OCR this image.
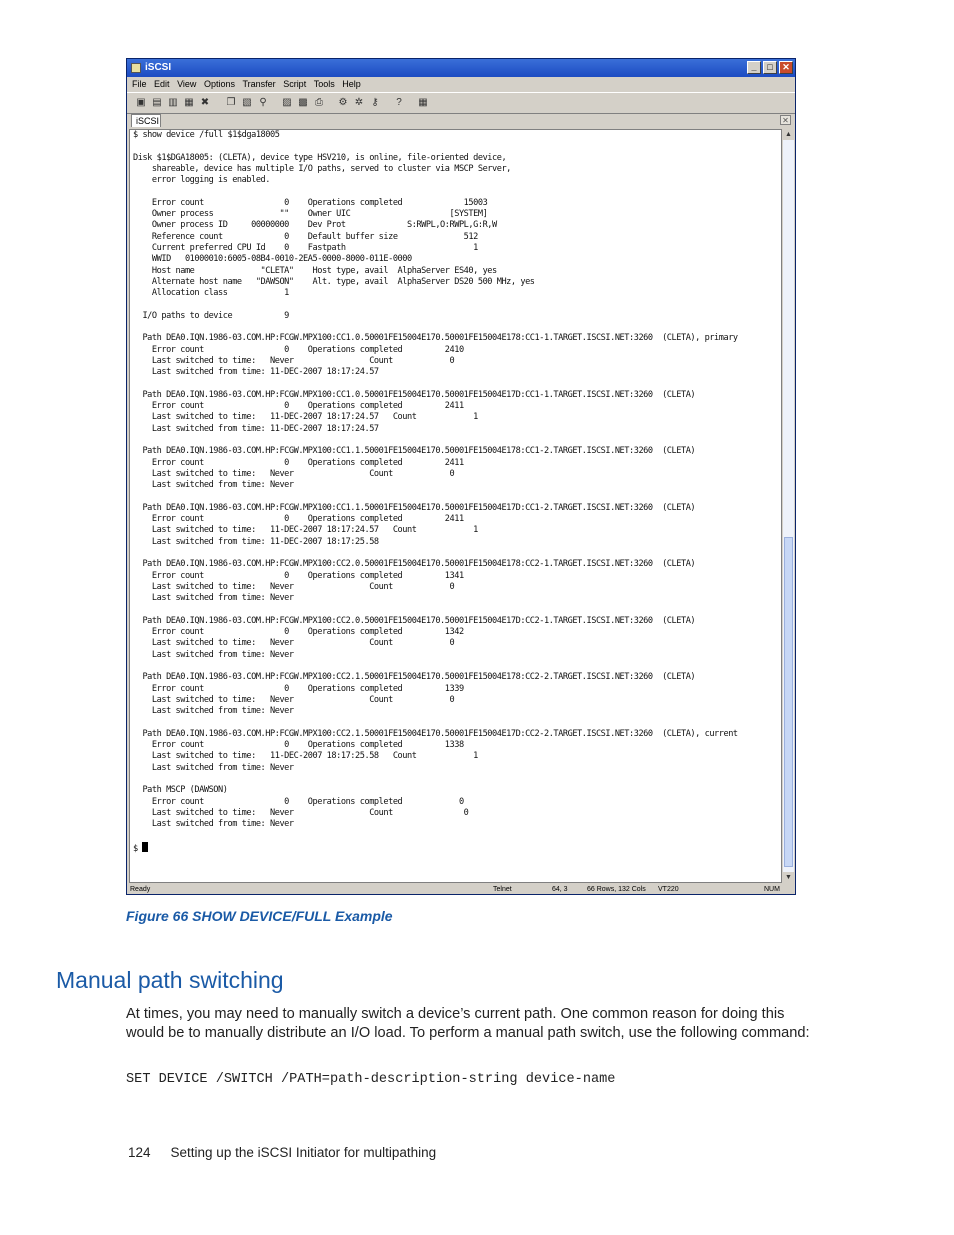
iSCSI	_	□	✕
File Edit View Options Transfer Script Tools Help
▣ ▤ ▥ ▦ ✖ ❐ ▧ ⚲ ▨ ▩ ⎙ ⚙ ✲ ⚷	?	▦
iSCSI	✕
$ show device /full $1$dga18005

Disk $1$DGA18005: (CLETA), device type HSV210, is online, file-oriented device,
shareable, device has multiple I/O paths, served to cluster via MSCP Server,
error logging is enabled.

Error count                 0    Operations completed             15003
Owner process              ""    Owner UIC                     [SYSTEM]
Owner process ID     00000000    Dev Prot             S:RWPL,O:RWPL,G:R,W
Reference count             0    Default buffer size              512
Current preferred CPU Id    0    Fastpath                           1
WWID   01000010:6005-08B4-0010-2EA5-0000-8000-011E-0000
Host name              "CLETA"    Host type, avail  AlphaServer ES40, yes
Alternate host name   "DAWSON"    Alt. type, avail  AlphaServer DS20 500 MHz, yes
Allocation class            1

I/O paths to device           9

Path DEA0.IQN.1986-03.COM.HP:FCGW.MPX100:CC1.0.50001FE15004E170.50001FE15004E178:CC1-1.TARGET.ISCSI.NET:3260  (CLETA), primary
Error count                 0    Operations completed         2410
Last switched to time:   Never                Count            0
Last switched from time: 11-DEC-2007 18:17:24.57

Path DEA0.IQN.1986-03.COM.HP:FCGW.MPX100:CC1.0.50001FE15004E170.50001FE15004E17D:CC1-1.TARGET.ISCSI.NET:3260  (CLETA)
Error count                 0    Operations completed         2411
Last switched to time:   11-DEC-2007 18:17:24.57   Count            1
Last switched from time: 11-DEC-2007 18:17:24.57

Path DEA0.IQN.1986-03.COM.HP:FCGW.MPX100:CC1.1.50001FE15004E170.50001FE15004E178:CC1-2.TARGET.ISCSI.NET:3260  (CLETA)
Error count                 0    Operations completed         2411
Last switched to time:   Never                Count            0
Last switched from time: Never

Path DEA0.IQN.1986-03.COM.HP:FCGW.MPX100:CC1.1.50001FE15004E170.50001FE15004E17D:CC1-2.TARGET.ISCSI.NET:3260  (CLETA)
Error count                 0    Operations completed         2411
Last switched to time:   11-DEC-2007 18:17:24.57   Count            1
Last switched from time: 11-DEC-2007 18:17:25.58

Path DEA0.IQN.1986-03.COM.HP:FCGW.MPX100:CC2.0.50001FE15004E170.50001FE15004E178:CC2-1.TARGET.ISCSI.NET:3260  (CLETA)
Error count                 0    Operations completed         1341
Last switched to time:   Never                Count            0
Last switched from time: Never

Path DEA0.IQN.1986-03.COM.HP:FCGW.MPX100:CC2.0.50001FE15004E170.50001FE15004E17D:CC2-1.TARGET.ISCSI.NET:3260  (CLETA)
Error count                 0    Operations completed         1342
Last switched to time:   Never                Count            0
Last switched from time: Never

Path DEA0.IQN.1986-03.COM.HP:FCGW.MPX100:CC2.1.50001FE15004E170.50001FE15004E178:CC2-2.TARGET.ISCSI.NET:3260  (CLETA)
Error count                 0    Operations completed         1339
Last switched to time:   Never                Count            0
Last switched from time: Never

Path DEA0.IQN.1986-03.COM.HP:FCGW.MPX100:CC2.1.50001FE15004E170.50001FE15004E17D:CC2-2.TARGET.ISCSI.NET:3260  (CLETA), current
Error count                 0    Operations completed         1338
Last switched to time:   11-DEC-2007 18:17:25.58   Count            1
Last switched from time: Never

Path MSCP (DAWSON)
Error count                 0    Operations completed            0
Last switched to time:   Never                Count               0
Last switched from time: Never

$
▲
▼
Ready	Telnet	64, 3	66 Rows, 132 Cols VT220	NUM
Figure 66 SHOW DEVICE/FULL Example
Manual path switching
At times, you may need to manually switch a device’s current path. One common reason for doing this would be to manually distribute an I/O load. To perform a manual path switch, use the following command:
SET DEVICE /SWITCH /PATH=path-description-string device-name
124 Setting up the iSCSI Initiator for multipathing
